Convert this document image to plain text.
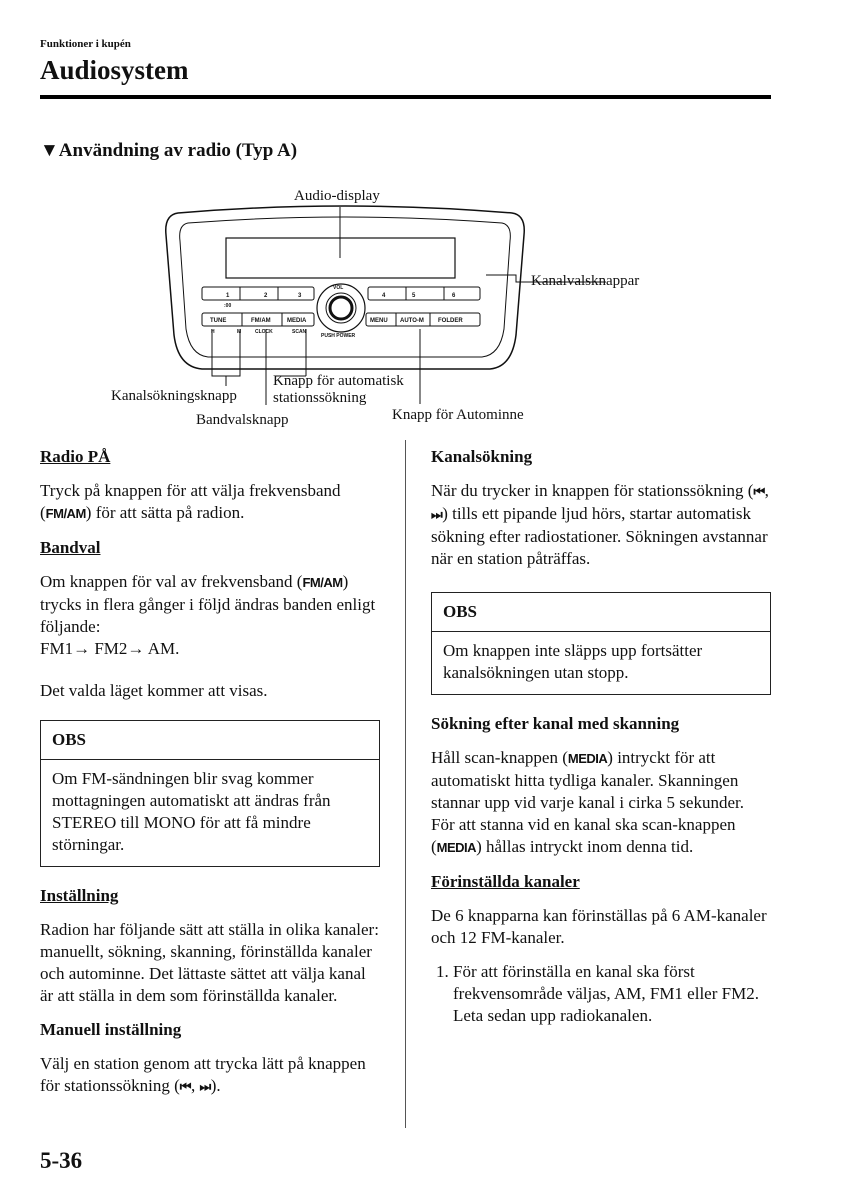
Funktioner i kupén
Audiosystem
▼Användning av radio (Typ A)
1	2	3	4	5	6
:00
TUNE	FM/AM	MEDIA	MENU AUTO-M FOLDER
H	M	CLOCK	SCAN
VOL
PUSH POWER
Audio-display
Kanalvalsknappar
Kanalsökningsknapp
Bandvalsknapp
Knapp för automatisk
stationssökning
Knapp för Autominne
Radio PÅ

Tryck på knappen för att välja frekvensband (FM/AM) för att sätta på radion.

Bandval

Om knappen för val av frekvensband (FM/AM) trycks in flera gånger i följd ändras banden enligt följande:
FM1→ FM2→ AM.

Det valda läget kommer att visas.

OBS
Om FM-sändningen blir svag kommer mottagningen automatiskt att ändras från STEREO till MONO för att få mindre störningar.
Inställning

Radion har följande sätt att ställa in olika kanaler: manuellt, sökning, skanning, förinställda kanaler och autominne. Det lättaste sättet att välja kanal är att ställa in dem som förinställda kanaler.

Manuell inställning

Välj en station genom att trycka lätt på knappen för stationssökning (⏮, ⏭).

Kanalsökning

När du trycker in knappen för stationssökning (⏮, ⏭) tills ett pipande ljud hörs, startar automatisk sökning efter radiostationer. Sökningen avstannar när en station påträffas.

OBS
Om knappen inte släpps upp fortsätter kanalsökningen utan stopp.
Sökning efter kanal med skanning

Håll scan-knappen (MEDIA) intryckt för att automatiskt hitta tydliga kanaler. Skanningen stannar upp vid varje kanal i cirka 5 sekunder. För att stanna vid en kanal ska scan-knappen (MEDIA) hållas intryckt inom denna tid.

Förinställda kanaler

De 6 knapparna kan förinställas på 6 AM-kanaler och 12 FM-kanaler.

1. För att förinställa en kanal ska först frekvensområde väljas, AM, FM1 eller FM2. Leta sedan upp radiokanalen.
5-36
